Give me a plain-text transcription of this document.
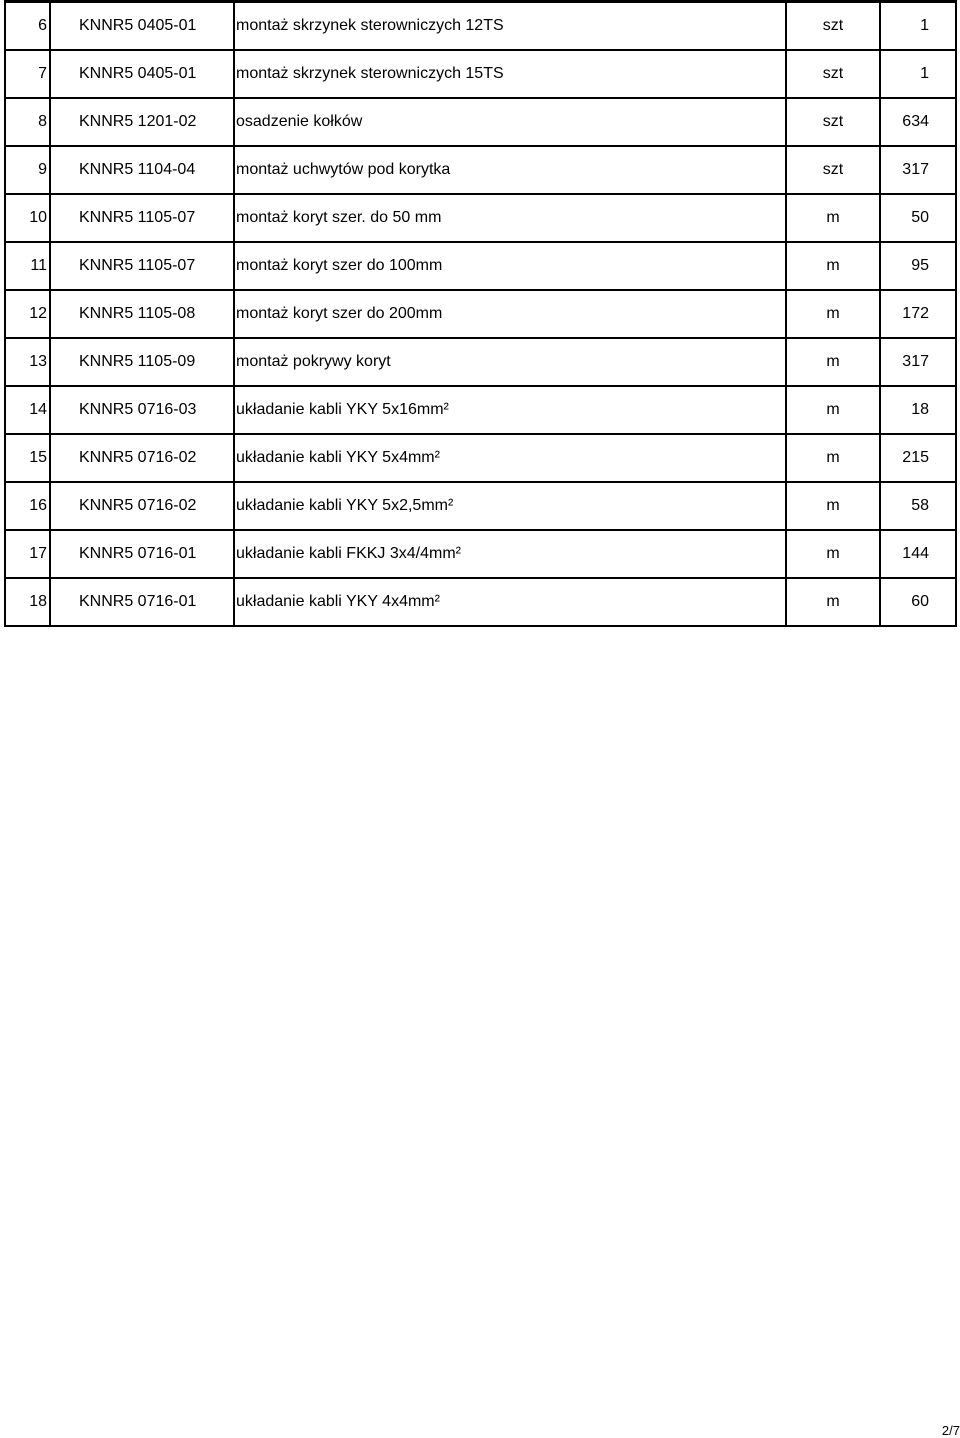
6	KNNR5 0405-01	montaż skrzynek sterowniczych 12TS	szt	1
7	KNNR5 0405-01	montaż skrzynek sterowniczych 15TS	szt	1
8	KNNR5 1201-02	osadzenie kołków	szt	634
9	KNNR5 1104-04	montaż uchwytów pod korytka	szt	317
10	KNNR5 1105-07	montaż koryt szer. do 50 mm	m	50
11	KNNR5 1105-07	montaż koryt szer do 100mm	m	95
12	KNNR5 1105-08	montaż koryt szer do 200mm	m	172
13	KNNR5 1105-09	montaż pokrywy koryt	m	317
14	KNNR5 0716-03	układanie kabli YKY 5x16mm²	m	18
15	KNNR5 0716-02	układanie kabli YKY 5x4mm²	m	215
16	KNNR5 0716-02	układanie kabli YKY 5x2,5mm²	m	58
17	KNNR5 0716-01	układanie kabli FKKJ 3x4/4mm²	m	144
18	KNNR5 0716-01	układanie kabli YKY 4x4mm²	m	60
2/7
